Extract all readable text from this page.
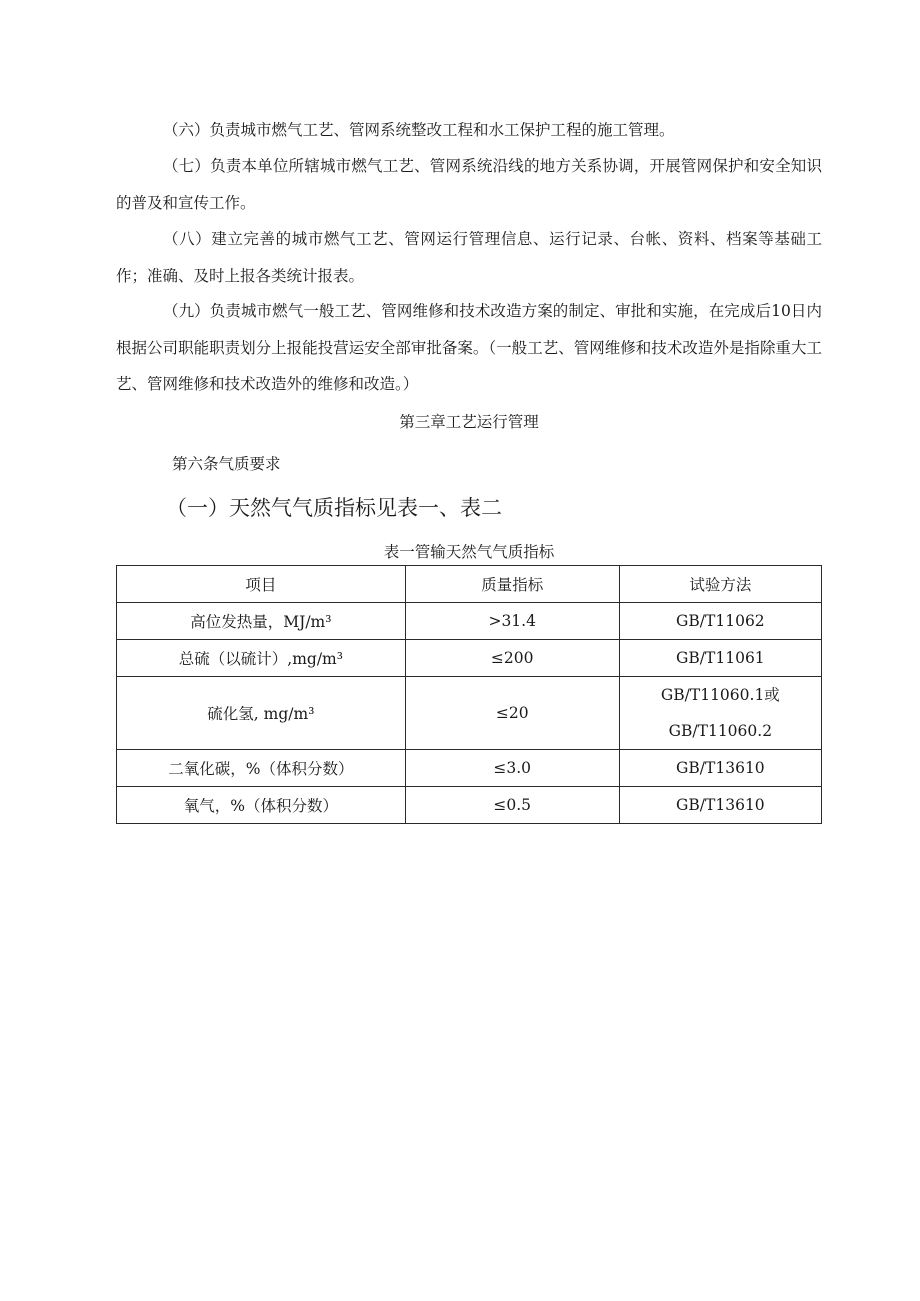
（六）负责城市燃气工艺、管网系统整改工程和水工保护工程的施工管理。

（七）负责本单位所辖城市燃气工艺、管网系统沿线的地方关系协调，开展管网保护和安全知识的普及和宣传工作。

（八）建立完善的城市燃气工艺、管网运行管理信息、运行记录、台帐、资料、档案等基础工作；准确、及时上报各类统计报表。

（九）负责城市燃气一般工艺、管网维修和技术改造方案的制定、审批和实施，在完成后10日内根据公司职能职责划分上报能投营运安全部审批备案。（一般工艺、管网维修和技术改造外是指除重大工艺、管网维修和技术改造外的维修和改造。）

第三章工艺运行管理

第六条气质要求

（一）天然气气质指标见表一、表二

表一管输天然气气质指标

项目	质量指标	试验方法
高位发热量，MJ/m³	>31.4	GB/T11062
总硫（以硫计）,mg/m³	≤200	GB/T11061
硫化氢, mg/m³	≤20	GB/T11060.1或
GB/T11060.2

二氧化碳，%（体积分数）	≤3.0	GB/T13610
氧气，%（体积分数）	≤0.5	GB/T13610
